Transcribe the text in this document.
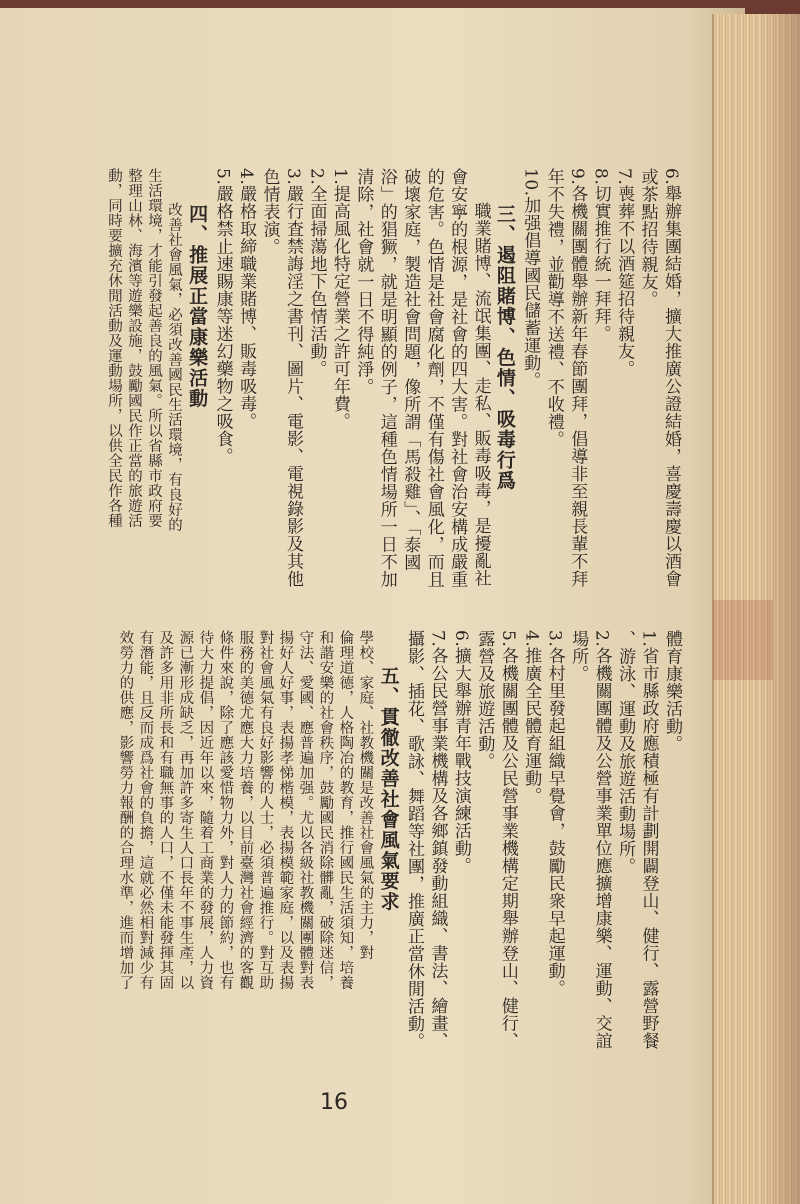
6.舉辦集團結婚，擴大推廣公證結婚，喜慶壽慶以酒會
或茶點招待親友。
7.喪葬不以酒筵招待親友。
8.切實推行統一拜拜。
9.各機關團體舉辦新年春節團拜，倡導非至親長輩不拜
年不失禮，並勸導不送禮、不收禮。
10.加强倡導國民儲蓄運動。
三、遏阻賭博、色情、吸毒行爲
職業賭博、流氓集團、走私、販毒吸毒，是擾亂社
會安寧的根源，是社會的四大害。對社會治安構成嚴重
的危害。色情是社會腐化劑，不僅有傷社會風化，而且
破壞家庭，製造社會問題，像所謂「馬殺雞」、「泰國
浴」的猖獗，就是明顯的例子，這種色情場所一日不加
清除，社會就一日不得純淨。
1.提高風化特定營業之許可年費。
2.全面掃蕩地下色情活動。
3.嚴行査禁誨淫之書刊、圖片、電影、電視錄影及其他
色情表演。
4.嚴格取締職業賭博、販毒吸毒。
5.嚴格禁止速賜康等迷幻藥物之吸食。
四、推展正當康樂活動
改善社會風氣，必須改善國民生活環境，有良好的
生活環境，才能引發起善良的風氣。所以省縣市政府要
整理山林、海濱等遊樂設施，鼓勵國民作正當的旅遊活
動，同時要擴充休閒活動及運動場所，以供全民作各種
體育康樂活動。
1.省市縣政府應積極有計劃開闢登山、健行、露營野餐
、游泳、運動及旅遊活動場所。
2.各機關團體及公營事業單位應擴增康樂、運動、交誼
場所。
3.各村里發起組織早覺會，鼓勵民衆早起運動。
4.推廣全民體育運動。
5.各機關團體及公民營事業機構定期舉辦登山、健行、
露營及旅遊活動。
6.擴大舉辦青年戰技演練活動。
7.各公民營事業機構及各鄉鎮發動組織、書法、繪畫、
攝影、插花、歌詠、舞蹈等社團，推廣正當休閒活動。
五、貫徹改善社會風氣要求
學校、家庭、社教機關是改善社會風氣的主力，對
倫理道德，人格陶冶的教育，推行國民生活須知，培養
和諧安樂的社會秩序，鼓勵國民消除髒亂，破除迷信，
守法、愛國、應普遍加强。尤以各級社教機關團體對表
揚好人好事，表揚孝悌楷模，表揚模範家庭，以及表揚
對社會風氣有良好影響的人士，必須普遍推行。對互助
服務的美德尤應大力培養，以目前臺灣社會經濟的客觀
條件來說，除了應該愛惜物力外，對人力的節約，也有
待大力提倡，因近年以來，隨着工商業的發展，人力資
源已漸形成缺乏，再加許多寄生人口長年不事生產，以
及許多用非所長和有職無事的人口，不僅未能發揮其固
有潛能，且反而成爲社會的負擔，這就必然相對減少有
效勞力的供應，影響勞力報酬的合理水準，進而增加了
16
